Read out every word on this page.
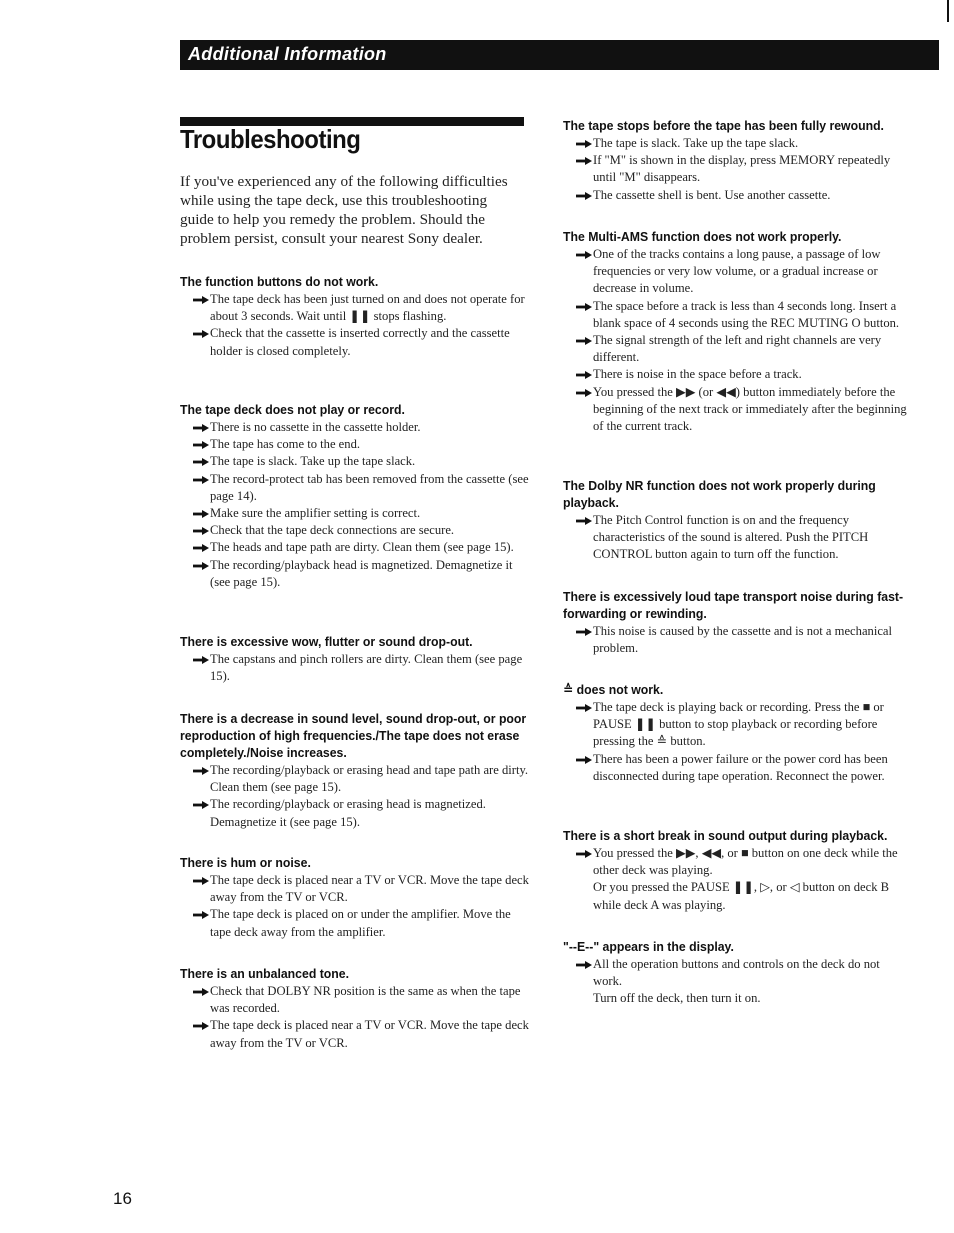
Additional Information
Troubleshooting
If you've experienced any of the following difficulties while using the tape deck, use this troubleshooting guide to help you remedy the problem. Should the problem persist, consult your nearest Sony dealer.
The function buttons do not work.
The tape deck has been just turned on and does not operate for about 3 seconds. Wait until ❚❚ stops flashing.
Check that the cassette is inserted correctly and the cassette holder is closed completely.
The tape deck does not play or record.
There is no cassette in the cassette holder.
The tape has come to the end.
The tape is slack. Take up the tape slack.
The record-protect tab has been removed from the cassette (see page 14).
Make sure the amplifier setting is correct.
Check that the tape deck connections are secure.
The heads and tape path are dirty. Clean them (see page 15).
The recording/playback head is magnetized. Demagnetize it (see page 15).
There is excessive wow, flutter or sound drop-out.
The capstans and pinch rollers are dirty. Clean them (see page 15).
There is a decrease in sound level, sound drop-out, or poor reproduction of high frequencies./The tape does not erase completely./Noise increases.
The recording/playback or erasing head and tape path are dirty. Clean them (see page 15).
The recording/playback or erasing head is magnetized. Demagnetize it (see page 15).
There is hum or noise.
The tape deck is placed near a TV or VCR. Move the tape deck away from the TV or VCR.
The tape deck is placed on or under the amplifier. Move the tape deck away from the amplifier.
There is an unbalanced tone.
Check that DOLBY NR position is the same as when the tape was recorded.
The tape deck is placed near a TV or VCR. Move the tape deck away from the TV or VCR.
The tape stops before the tape has been fully rewound.
The tape is slack. Take up the tape slack.
If "M" is shown in the display, press MEMORY repeatedly until "M" disappears.
The cassette shell is bent. Use another cassette.
The Multi-AMS function does not work properly.
One of the tracks contains a long pause, a passage of low frequencies or very low volume, or a gradual increase or decrease in volume.
The space before a track is less than 4 seconds long. Insert a blank space of 4 seconds using the REC MUTING O button.
The signal strength of the left and right channels are very different.
There is noise in the space before a track.
You pressed the ▶▶ (or ◀◀) button immediately before the beginning of the next track or immediately after the beginning of the current track.
The Dolby NR function does not work properly during playback.
The Pitch Control function is on and the frequency characteristics of the sound is altered. Push the PITCH CONTROL button again to turn off the function.
There is excessively loud tape transport noise during fast-forwarding or rewinding.
This noise is caused by the cassette and is not a mechanical problem.
≙ does not work.
The tape deck is playing back or recording. Press the ■ or PAUSE ❚❚ button to stop playback or recording before pressing the ≙ button.
There has been a power failure or the power cord has been disconnected during tape operation. Reconnect the power.
There is a short break in sound output during playback.
You pressed the ▶▶, ◀◀, or ■ button on one deck while the other deck was playing.
Or you pressed the PAUSE ❚❚, ▷, or ◁ button on deck B while deck A was playing.
"--E--" appears in the display.
All the operation buttons and controls on the deck do not work.
Turn off the deck, then turn it on.
16
